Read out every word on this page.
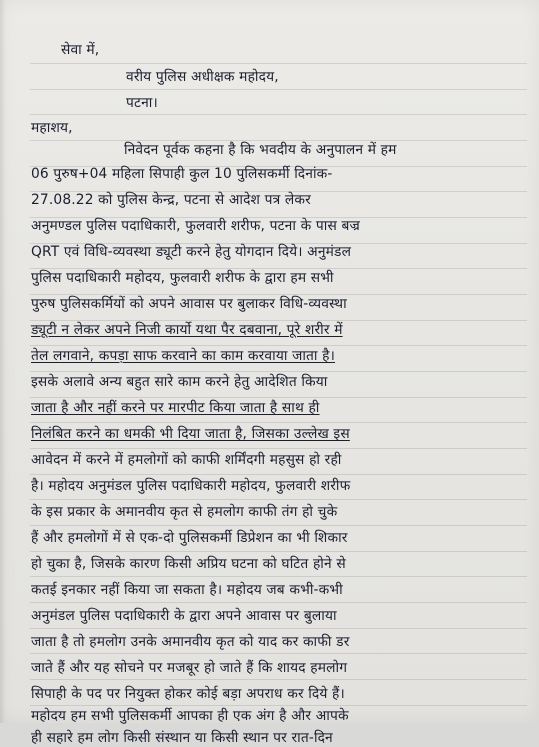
सेवा में,
वरीय पुलिस अधीक्षक महोदय,
पटना।
महाशय,
निवेदन पूर्वक कहना है कि भवदीय के अनुपालन में हम
06 पुरुष+04 महिला सिपाही कुल 10 पुलिसकर्मी दिनांक-
27.08.22 को पुलिस केन्द्र, पटना से आदेश पत्र लेकर
अनुमण्डल पुलिस पदाधिकारी, फुलवारी शरीफ, पटना के पास बज्र
QRT एवं विधि-व्यवस्था ड्यूटी करने हेतु योगदान दिये। अनुमंडल
पुलिस पदाधिकारी महोदय, फुलवारी शरीफ के द्वारा हम सभी
पुरुष पुलिसकर्मियों को अपने आवास पर बुलाकर विधि-व्यवस्था
ड्यूटी न लेकर अपने निजी कार्यो यथा पैर दबवाना, पूरे शरीर में
तेल लगवाने, कपड़ा साफ करवाने का काम करवाया जाता है।
इसके अलावे अन्य बहुत सारे काम करने हेतु आदेशित किया
जाता है और नहीं करने पर मारपीट किया जाता है साथ ही
निलंबित करने का धमकी भी दिया जाता है, जिसका उल्लेख इस
आवेदन में करने में हमलोगों को काफी शर्मिंदगी महसुस हो रही
है। महोदय अनुमंडल पुलिस पदाधिकारी महोदय, फुलवारी शरीफ
के इस प्रकार के अमानवीय कृत से हमलोग काफी तंग हो चुके
हैं और हमलोगों में से एक-दो पुलिसकर्मी डिप्रेशन का भी शिकार
हो चुका है, जिसके कारण किसी अप्रिय घटना को घटित होने से
कतई इनकार नहीं किया जा सकता है। महोदय जब कभी-कभी
अनुमंडल पुलिस पदाधिकारी के द्वारा अपने आवास पर बुलाया
जाता है तो हमलोग उनके अमानवीय कृत को याद कर काफी डर
जाते हैं और यह सोचने पर मजबूर हो जाते हैं कि शायद हमलोग
सिपाही के पद पर नियुक्त होकर कोई बड़ा अपराध कर दिये हैं।
महोदय हम सभी पुलिसकर्मी आपका ही एक अंग है और आपके
ही सहारे हम लोग किसी संस्थान या किसी स्थान पर रात-दिन
